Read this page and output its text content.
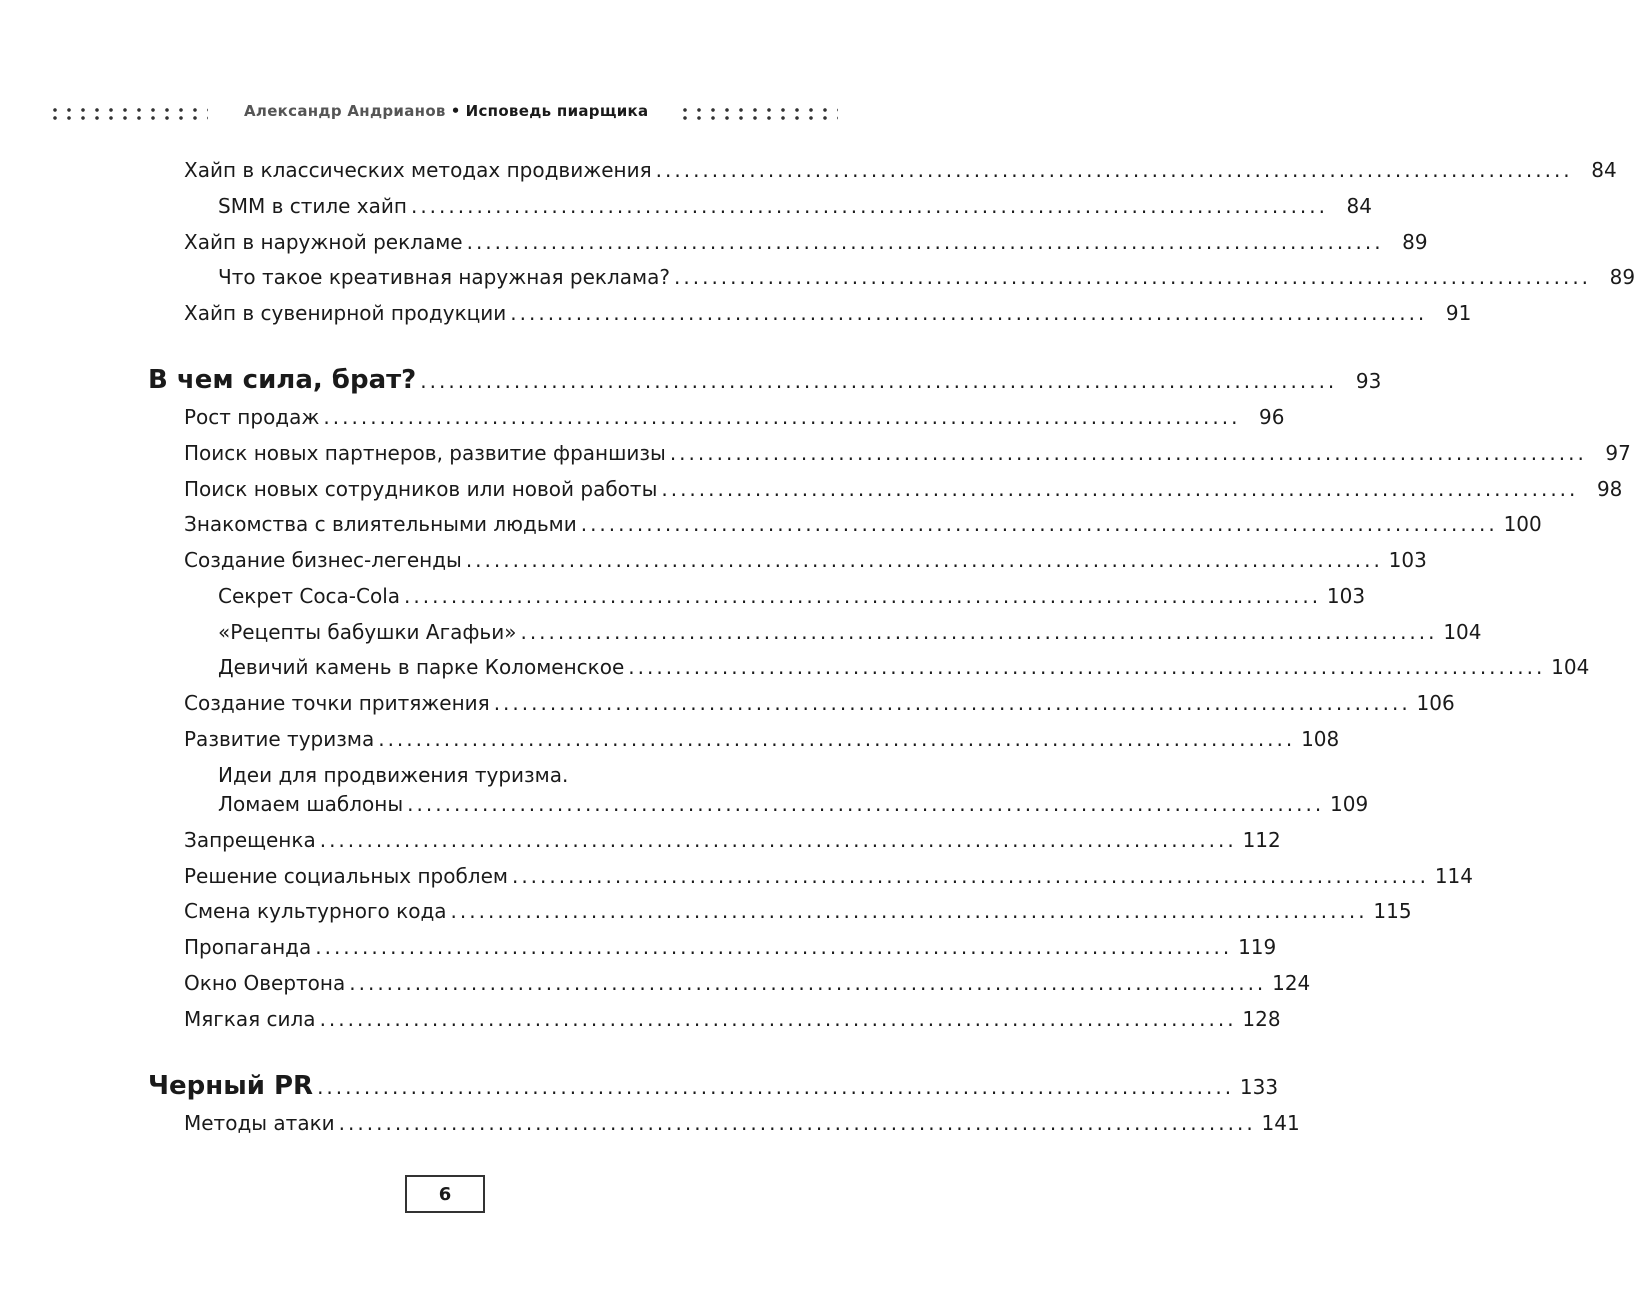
Александр Андрианов • Исповедь пиарщика
Хайп в классических методах продвижения .................................................................................................. 84
SMM в стиле хайп .................................................................................................. 84
Хайп в наружной рекламе .................................................................................................. 89
Что такое креативная наружная реклама? .................................................................................................. 89
Хайп в сувенирной продукции .................................................................................................. 91
В чем сила, брат? .................................................................................................. 93
Рост продаж .................................................................................................. 96
Поиск новых партнеров, развитие франшизы .................................................................................................. 97
Поиск новых сотрудников или новой работы .................................................................................................. 98
Знакомства с влиятельными людьми .................................................................................................. 100
Создание бизнес-легенды .................................................................................................. 103
Секрет Coca-Cola .................................................................................................. 103
«Рецепты бабушки Агафьи» .................................................................................................. 104
Девичий камень в парке Коломенское .................................................................................................. 104
Создание точки притяжения .................................................................................................. 106
Развитие туризма .................................................................................................. 108
Идеи для продвижения туризма.
Ломаем шаблоны .................................................................................................. 109
Запрещенка .................................................................................................. 112
Решение социальных проблем .................................................................................................. 114
Смена культурного кода .................................................................................................. 115
Пропаганда .................................................................................................. 119
Окно Овертона .................................................................................................. 124
Мягкая сила .................................................................................................. 128
Черный PR .................................................................................................. 133
Методы атаки .................................................................................................. 141
6
